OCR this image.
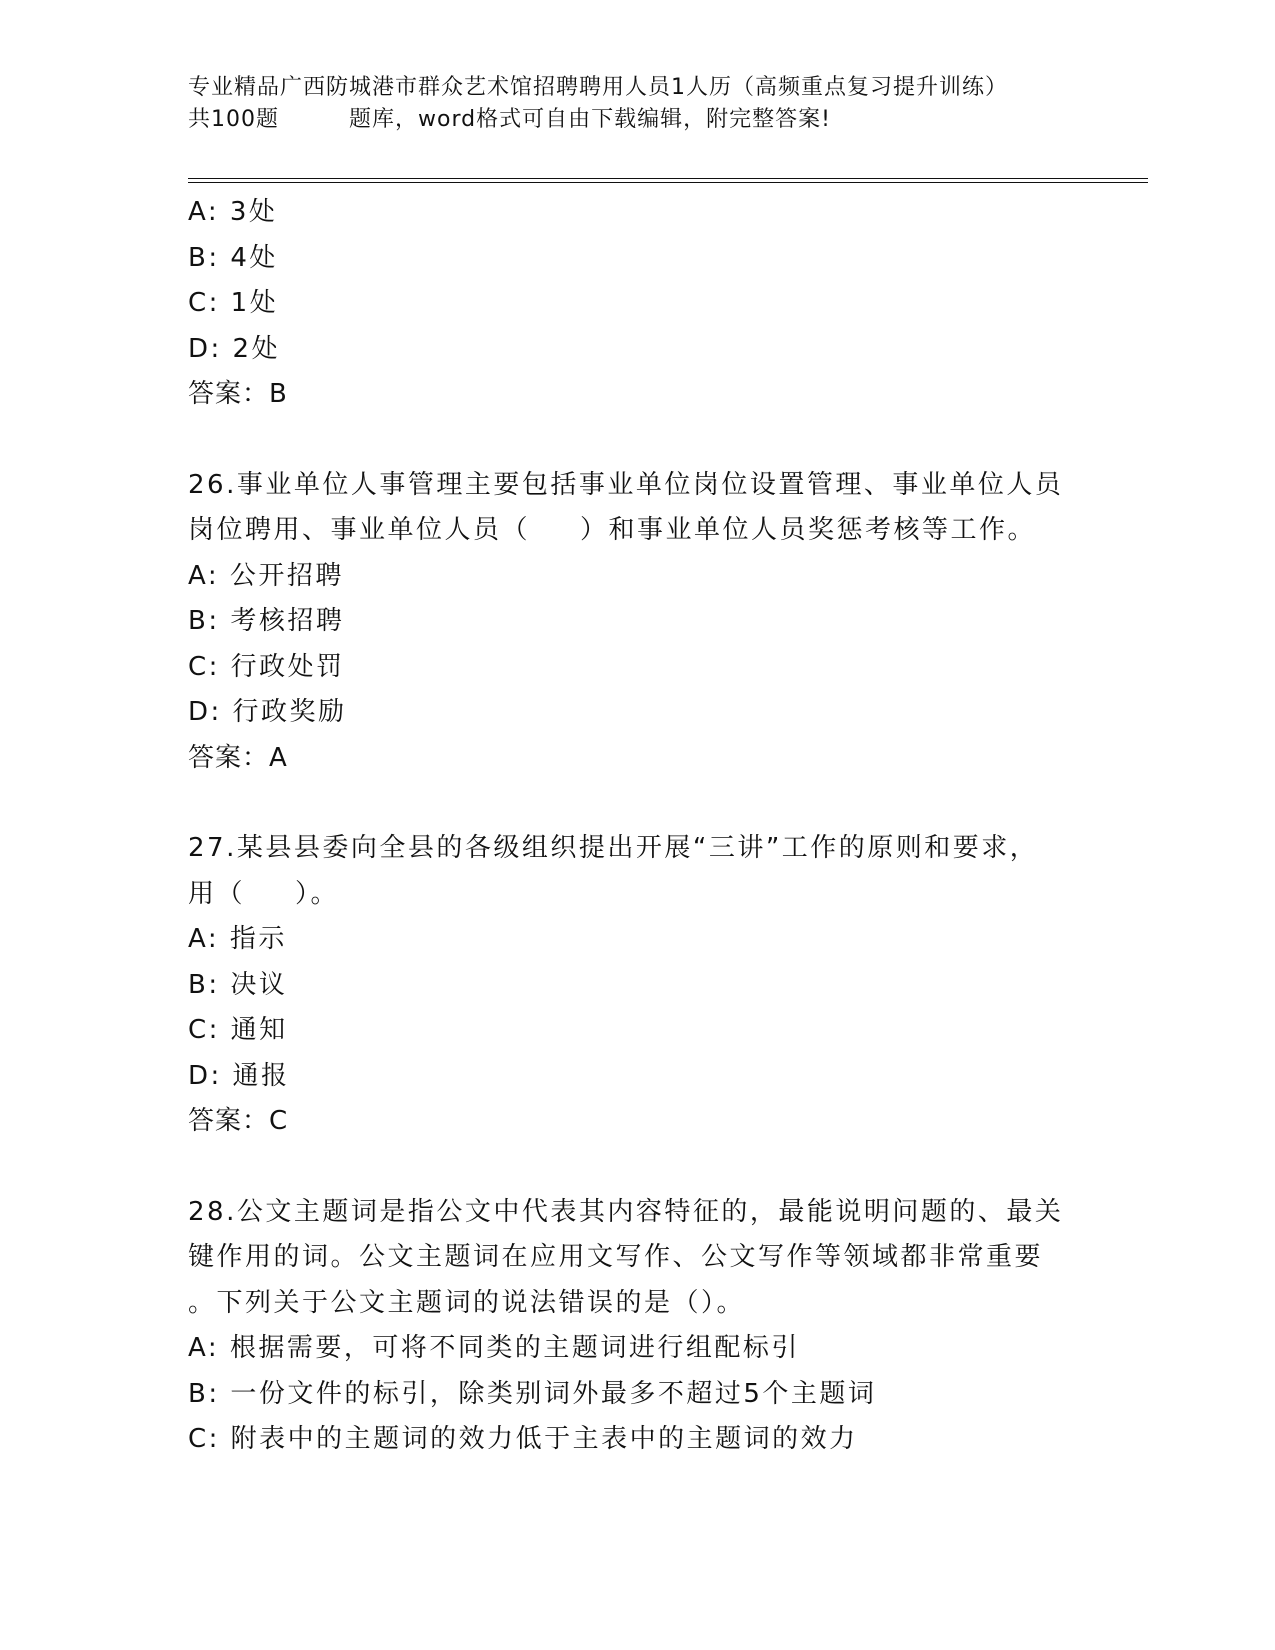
专业精品广西防城港市群众艺术馆招聘聘用人员1人历（高频重点复习提升训练）
共100题	题库，word格式可自由下载编辑，附完整答案!
A: 3处
B: 4处
C: 1处
D: 2处
答案：B
26.事业单位人事管理主要包括事业单位岗位设置管理、事业单位人员
岗位聘用、事业单位人员（ ）和事业单位人员奖惩考核等工作。
A: 公开招聘
B: 考核招聘
C: 行政处罚
D: 行政奖励
答案：A
27.某县县委向全县的各级组织提出开展“三讲”工作的原则和要求，
用（ ）。
A: 指示
B: 决议
C: 通知
D: 通报
答案：C
28.公文主题词是指公文中代表其内容特征的，最能说明问题的、最关
键作用的词。公文主题词在应用文写作、公文写作等领域都非常重要
。下列关于公文主题词的说法错误的是（）。
A: 根据需要，可将不同类的主题词进行组配标引
B: 一份文件的标引，除类别词外最多不超过5个主题词
C: 附表中的主题词的效力低于主表中的主题词的效力
